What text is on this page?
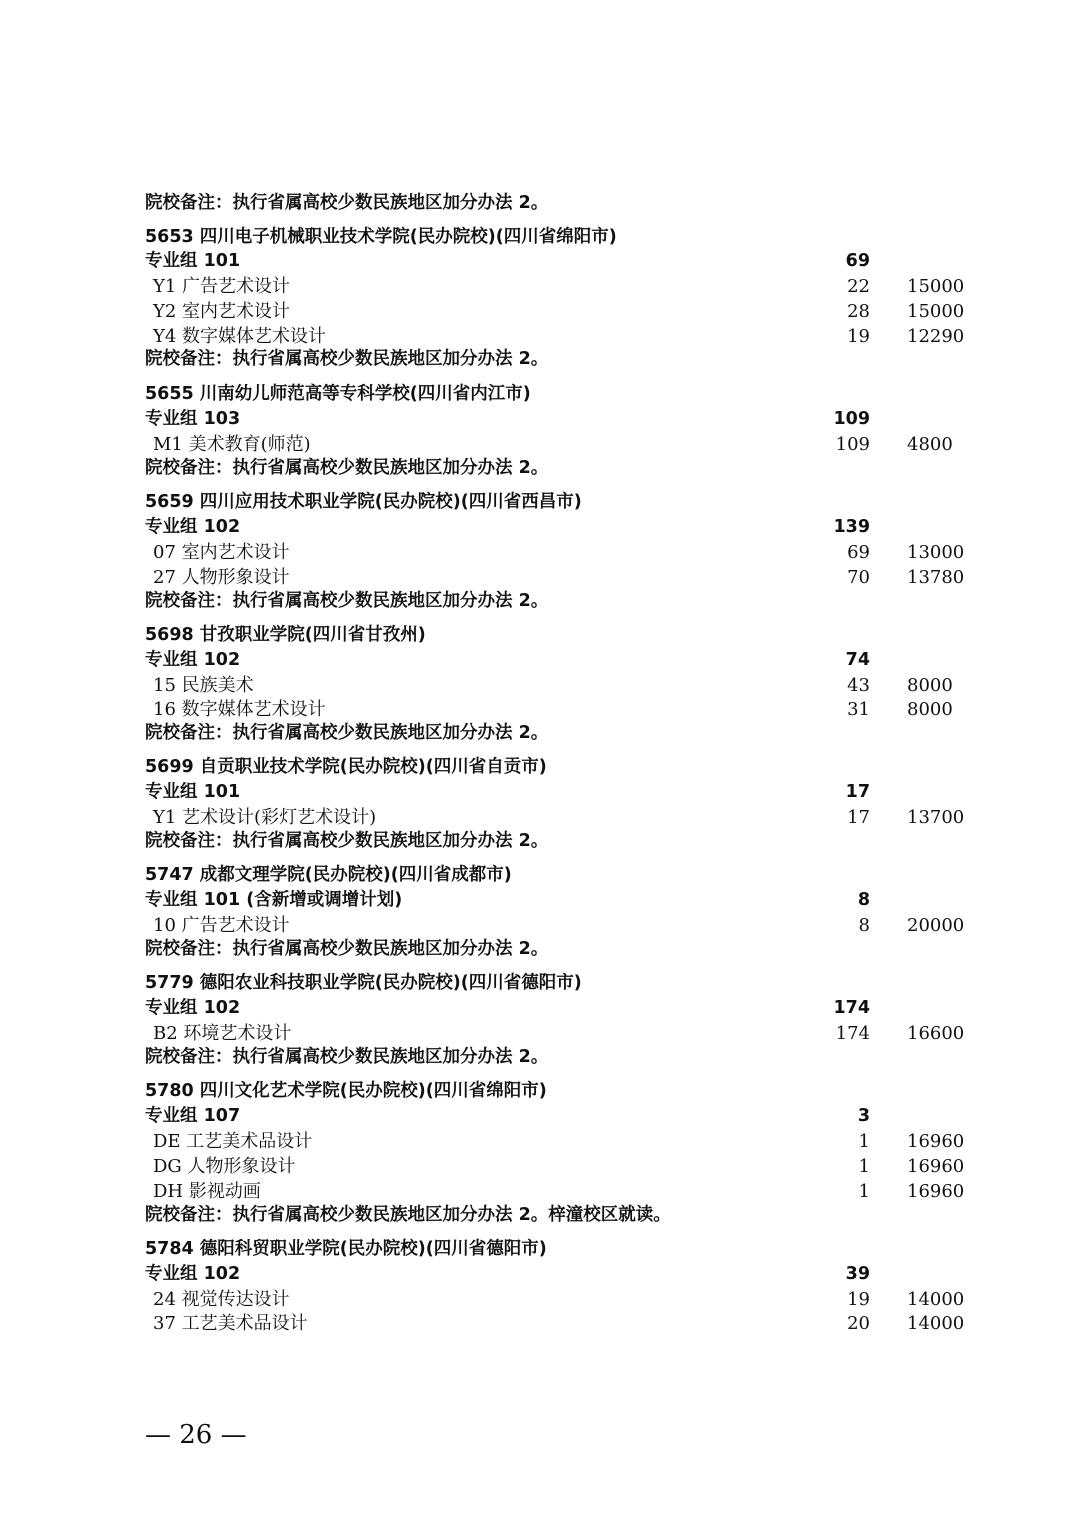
院校备注：执行省属高校少数民族地区加分办法 2。
5653 四川电子机械职业技术学院(民办院校)(四川省绵阳市)
专业组 101	69
Y1 广告艺术设计	22 15000
Y2 室内艺术设计	28 15000
Y4 数字媒体艺术设计	19 12290
院校备注：执行省属高校少数民族地区加分办法 2。
5655 川南幼儿师范高等专科学校(四川省内江市)
专业组 103	109
M1 美术教育(师范)	109 4800
院校备注：执行省属高校少数民族地区加分办法 2。
5659 四川应用技术职业学院(民办院校)(四川省西昌市)
专业组 102	139
07 室内艺术设计	69 13000
27 人物形象设计	70 13780
院校备注：执行省属高校少数民族地区加分办法 2。
5698 甘孜职业学院(四川省甘孜州)
专业组 102	74
15 民族美术	43 8000
16 数字媒体艺术设计	31 8000
院校备注：执行省属高校少数民族地区加分办法 2。
5699 自贡职业技术学院(民办院校)(四川省自贡市)
专业组 101	17
Y1 艺术设计(彩灯艺术设计)	17 13700
院校备注：执行省属高校少数民族地区加分办法 2。
5747 成都文理学院(民办院校)(四川省成都市)
专业组 101 (含新增或调增计划)	8
10 广告艺术设计	8 20000
院校备注：执行省属高校少数民族地区加分办法 2。
5779 德阳农业科技职业学院(民办院校)(四川省德阳市)
专业组 102	174
B2 环境艺术设计	174 16600
院校备注：执行省属高校少数民族地区加分办法 2。
5780 四川文化艺术学院(民办院校)(四川省绵阳市)
专业组 107	3
DE 工艺美术品设计	1 16960
DG 人物形象设计	1 16960
DH 影视动画	1 16960
院校备注：执行省属高校少数民族地区加分办法 2。梓潼校区就读。
5784 德阳科贸职业学院(民办院校)(四川省德阳市)
专业组 102	39
24 视觉传达设计	19 14000
37 工艺美术品设计	20 14000
— 26 —
